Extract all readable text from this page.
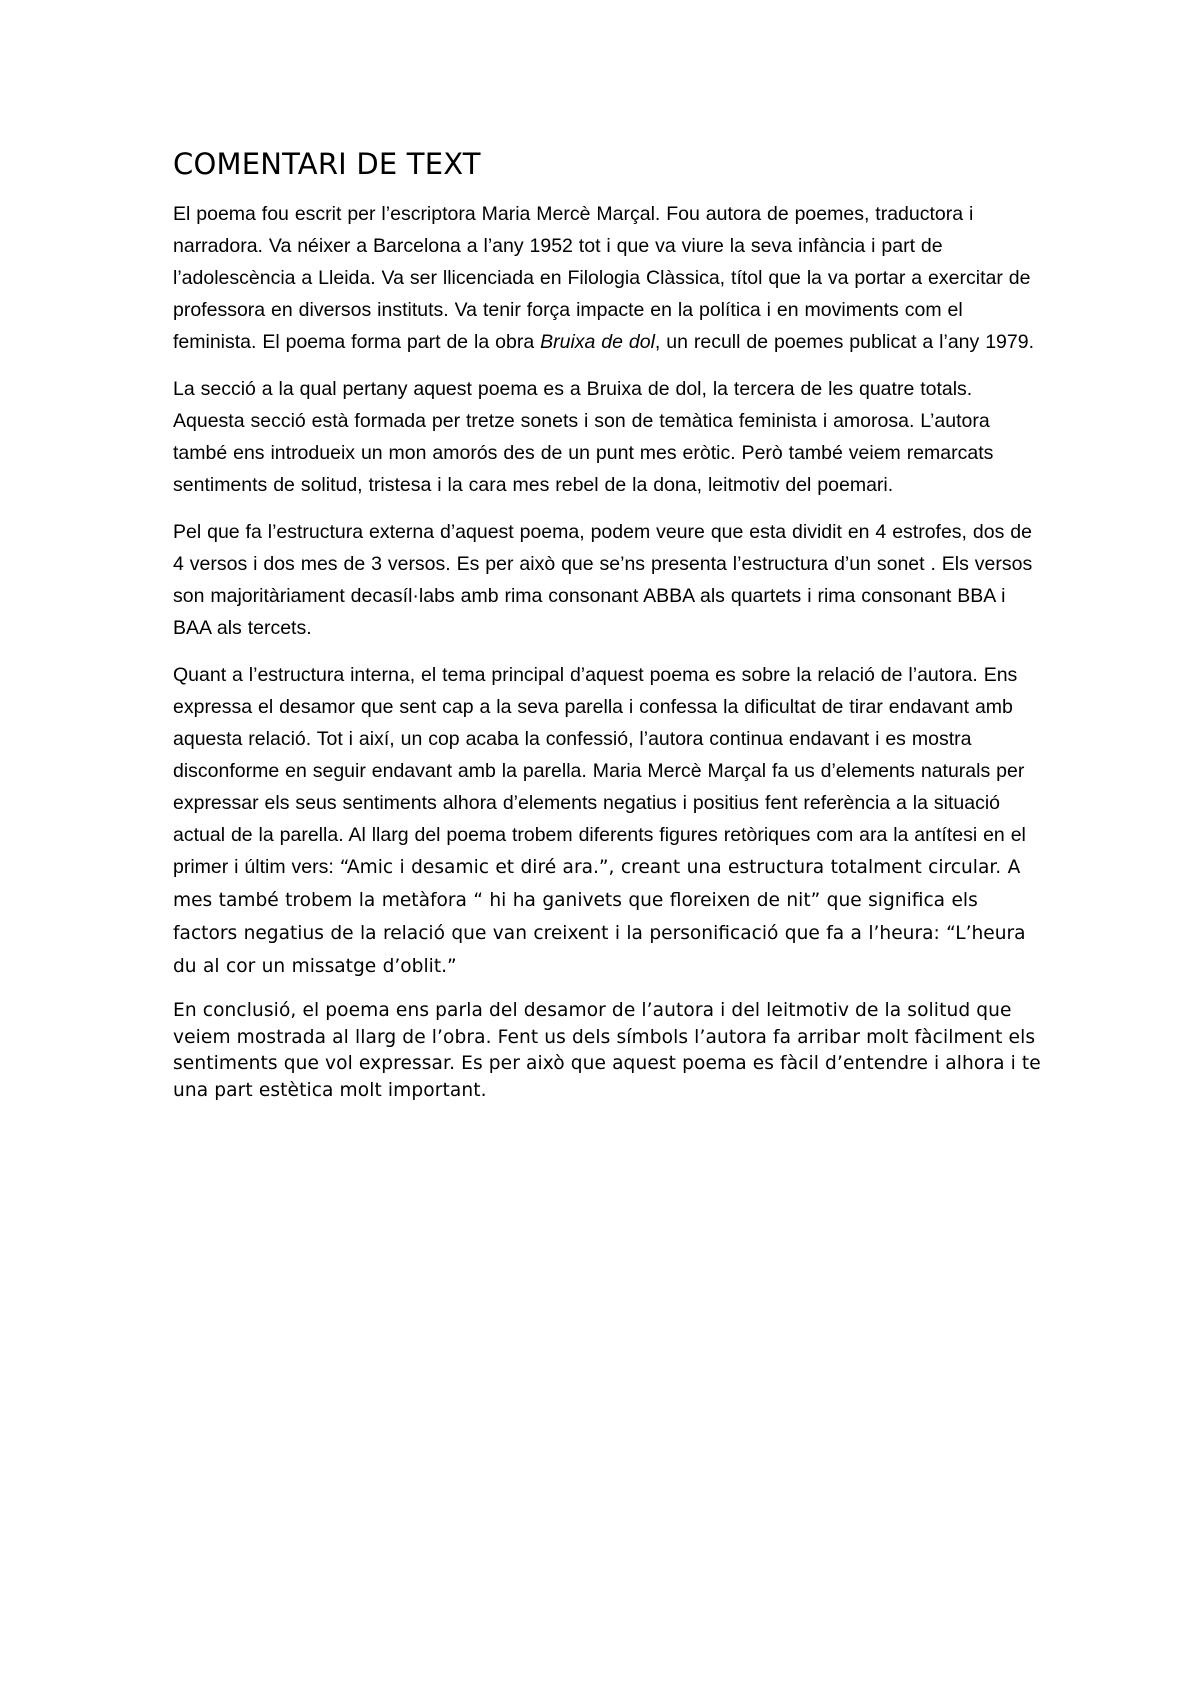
COMENTARI DE TEXT

El poema fou escrit per l’escriptora Maria Mercè Marçal. Fou autora de poemes, traductora i narradora. Va néixer a Barcelona a l’any 1952 tot i que va viure la seva infància i part de l’adolescència a Lleida. Va ser llicenciada en Filologia Clàssica, títol que la va portar a exercitar de professora en diversos instituts. Va tenir força impacte en la política i en moviments com el feminista. El poema forma part de la obra Bruixa de dol, un recull de poemes publicat a l’any 1979.

La secció a la qual pertany aquest poema es a Bruixa de dol, la tercera de les quatre totals. Aquesta secció està formada per tretze sonets i son de temàtica feminista i amorosa. L’autora també ens introdueix un mon amorós des de un punt mes eròtic. Però també veiem remarcats sentiments de solitud, tristesa i la cara mes rebel de la dona, leitmotiv del poemari.

Pel que fa l’estructura externa d’aquest poema, podem veure que esta dividit en 4 estrofes, dos de 4 versos i dos mes de 3 versos. Es per això que se’ns presenta l’estructura d’un sonet . Els versos son majoritàriament decasíl·labs amb rima consonant ABBA als quartets i rima consonant BBA i BAA als tercets.

Quant a l’estructura interna, el tema principal d’aquest poema es sobre la relació de l’autora. Ens expressa el desamor que sent cap a la seva parella i confessa la dificultat de tirar endavant amb aquesta relació. Tot i així, un cop acaba la confessió, l’autora continua endavant i es mostra disconforme en seguir endavant amb la parella. Maria Mercè Marçal fa us d’elements naturals per expressar els seus sentiments alhora d’elements negatius i positius fent referència a la situació actual de la parella. Al llarg del poema trobem diferents figures retòriques com ara la antítesi en el primer i últim vers: “Amic i desamic et diré ara.”, creant una estructura totalment circular. A mes també trobem la metàfora “ hi ha ganivets que floreixen de nit” que significa els factors negatius de la relació que van creixent i la personificació que fa a l’heura: “L’heura du al cor un missatge d’oblit.”

En conclusió, el poema ens parla del desamor de l’autora i del leitmotiv de la solitud que veiem mostrada al llarg de l’obra. Fent us dels símbols l’autora fa arribar molt fàcilment els sentiments que vol expressar. Es per això que aquest poema es fàcil d’entendre i alhora i te una part estètica molt important.
